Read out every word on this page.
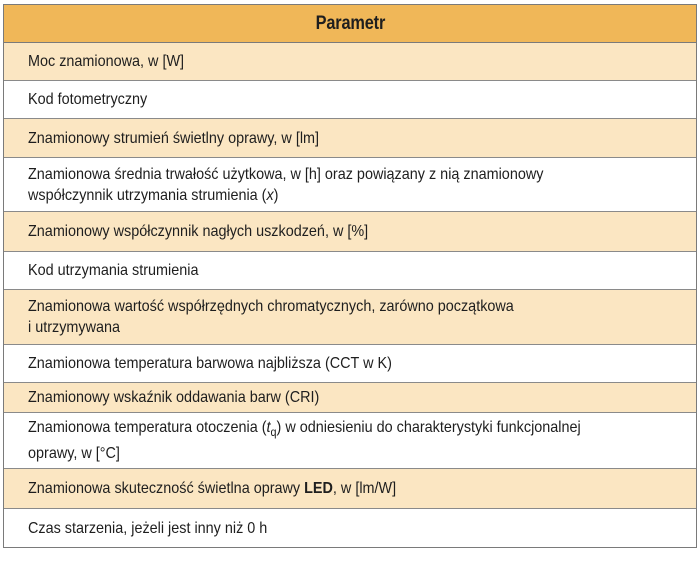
Parametr
Moc znamionowa, w [W]
Kod fotometryczny
Znamionowy strumień świetlny oprawy, w [lm]
Znamionowa średnia trwałość użytkowa, w [h] oraz powiązany z nią znamionowy
współczynnik utrzymania strumienia (x)
Znamionowy współczynnik nagłych uszkodzeń, w [%]
Kod utrzymania strumienia
Znamionowa wartość współrzędnych chromatycznych, zarówno początkowa
i utrzymywana
Znamionowa temperatura barwowa najbliższa (CCT w K)
Znamionowy wskaźnik oddawania barw (CRI)
Znamionowa temperatura otoczenia $(t_q)$ w odniesieniu do charakterystyki funkcjonalnej
oprawy, w [°C]
Znamionowa skuteczność świetlna oprawy LED, w [lm/W]
Czas starzenia, jeżeli jest inny niż 0 h
